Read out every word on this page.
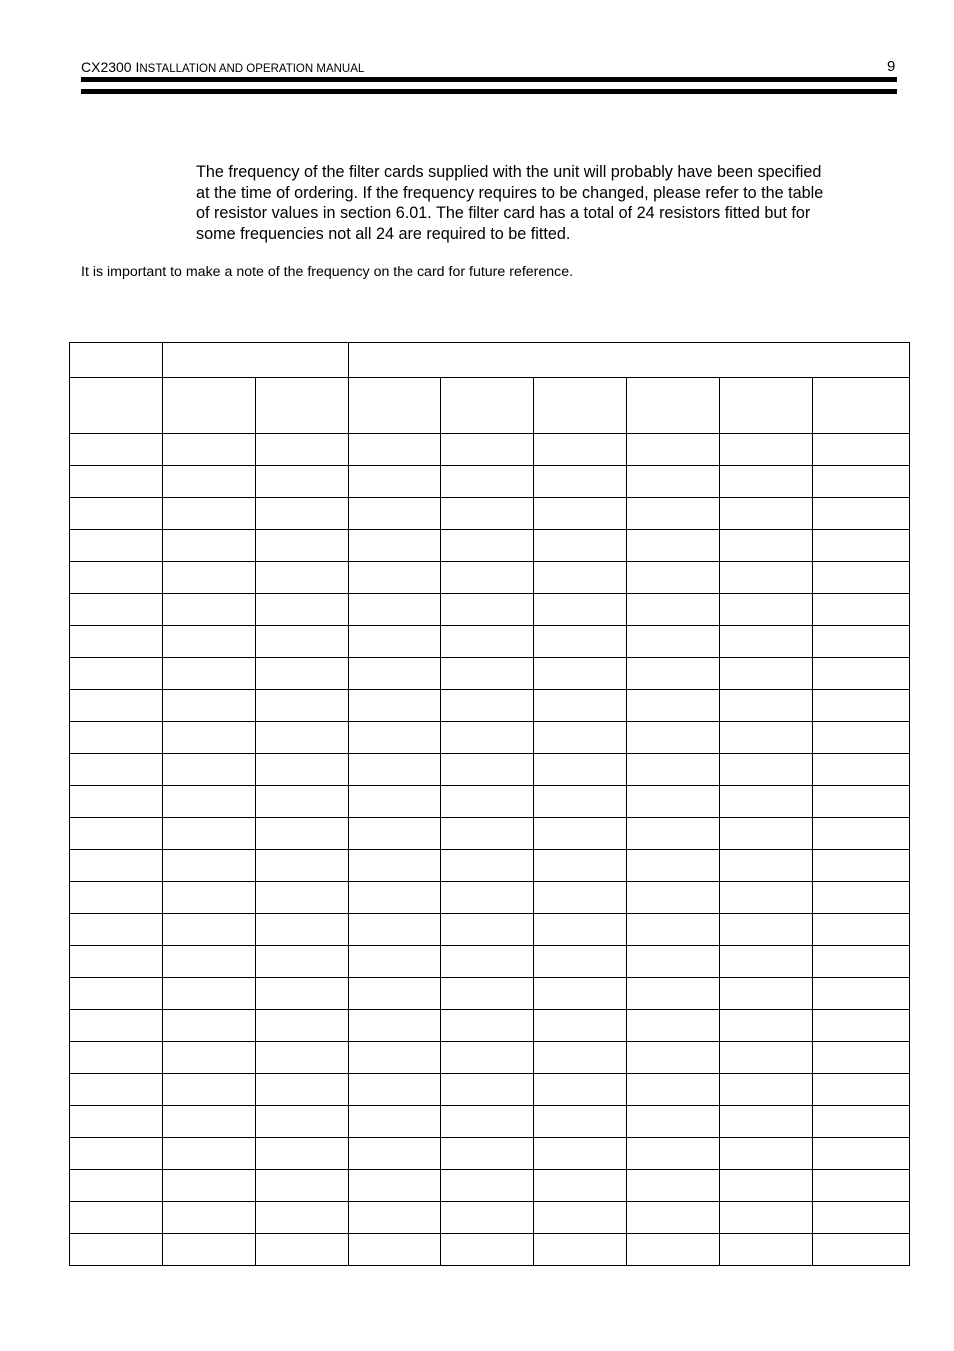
CX2300 INSTALLATION AND OPERATION MANUAL	9
The frequency of the filter cards supplied with the unit will probably have been specified
at the time of ordering. If the frequency requires to be changed, please refer to the table
of resistor values in section 6.01. The filter card has a total of 24 resistors fitted but for
some frequencies not all 24 are required to be fitted.
It is important to make a note of the frequency on the card for future reference.
